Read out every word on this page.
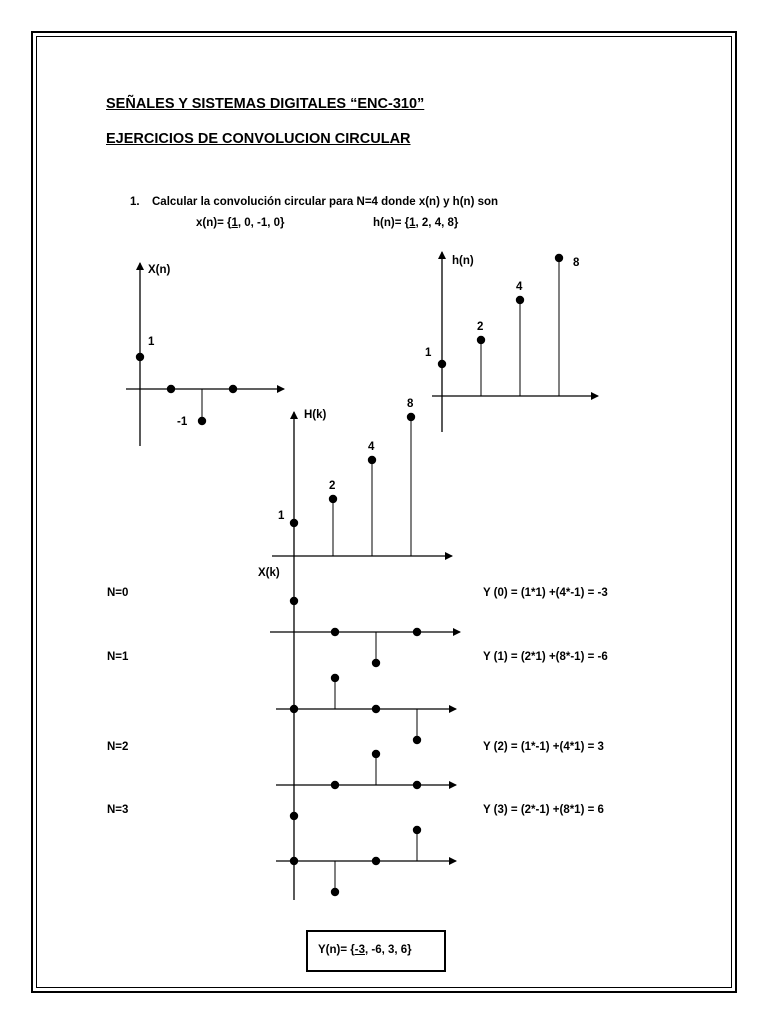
SEÑALES Y SISTEMAS DIGITALES “ENC-310”
EJERCICIOS DE CONVOLUCION CIRCULAR
1. Calcular la convolución circular para N=4 donde x(n) y h(n) son
x(n)= {1, 0, -1, 0}	h(n)= {1, 2, 4, 8}
1
-1
1
2
4
8
1
2
4
8
X(n)
h(n)
H(k)
X(k)
N=0	Y (0) = (1*1) +(4*-1) = -3
N=1	Y (1) = (2*1) +(8*-1) = -6
N=2	Y (2) = (1*-1) +(4*1) = 3
N=3	Y (3) = (2*-1) +(8*1) = 6
Y(n)= {-3, -6, 3, 6}
